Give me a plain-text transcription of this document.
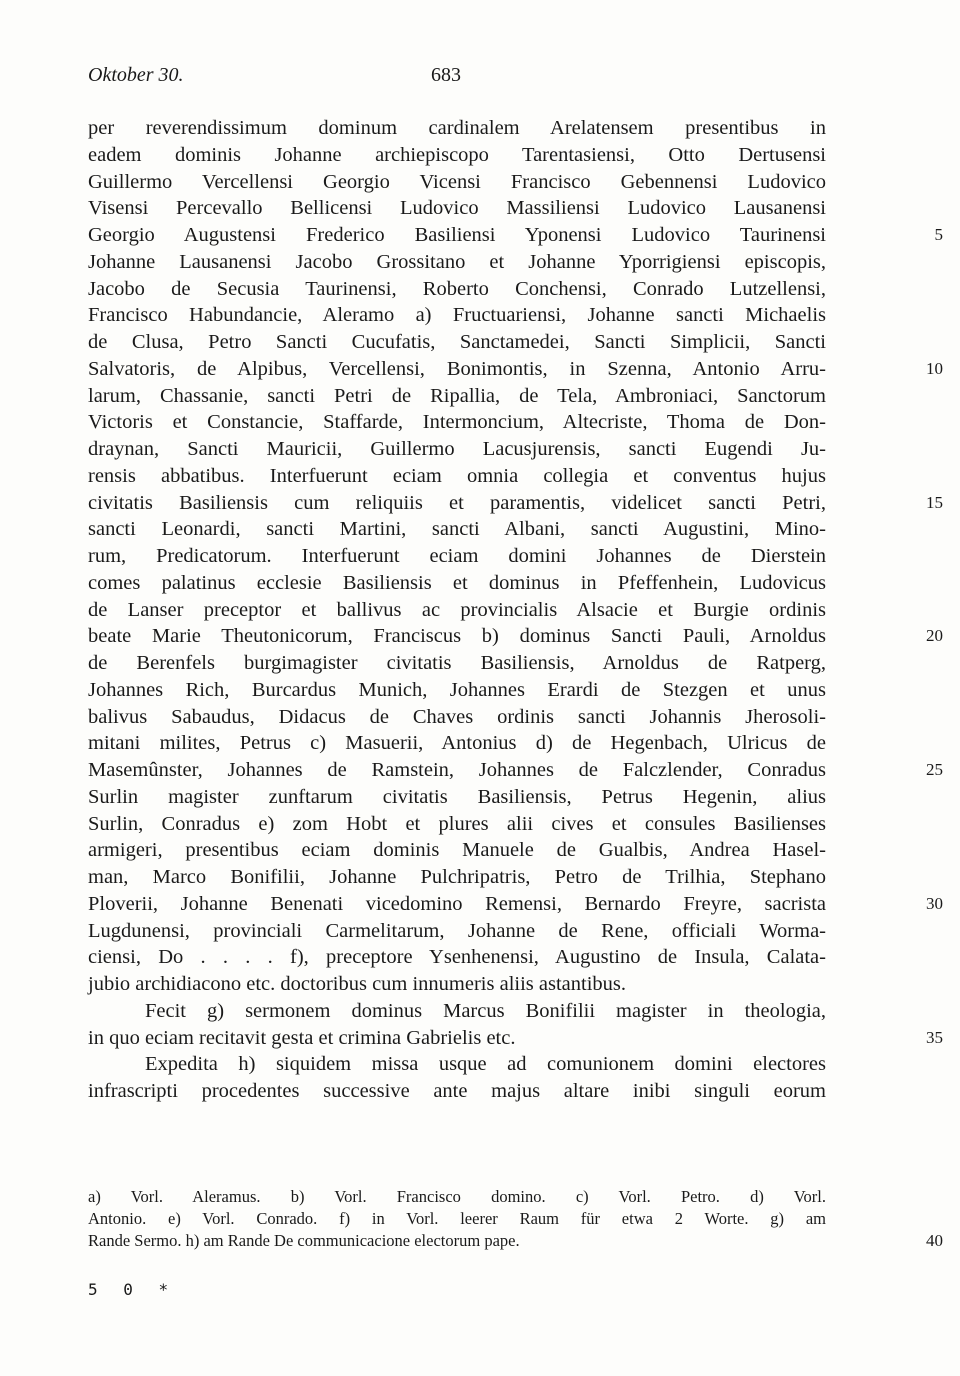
Oktober 30.	683
per reverendissimum dominum cardinalem Arelatensem presentibus in
eadem dominis Johanne archiepiscopo Tarentasiensi, Otto Dertusensi
Guillermo Vercellensi Georgio Vicensi Francisco Gebennensi Ludovico
Visensi Percevallo Bellicensi Ludovico Massiliensi Ludovico Lausanensi
Georgio Augustensi Frederico Basiliensi Yponensi Ludovico Taurinensi	5
Johanne Lausanensi Jacobo Grossitano et Johanne Yporrigiensi episcopis,
Jacobo de Secusia Taurinensi, Roberto Conchensi, Conrado Lutzellensi,
Francisco Habundancie, Aleramo a) Fructuariensi, Johanne sancti Michaelis
de Clusa, Petro Sancti Cucufatis, Sanctamedei, Sancti Simplicii, Sancti
Salvatoris, de Alpibus, Vercellensi, Bonimontis, in Szenna, Antonio Arru-	10
larum, Chassanie, sancti Petri de Ripallia, de Tela, Ambroniaci, Sanctorum
Victoris et Constancie, Staffarde, Intermoncium, Altecriste, Thoma de Don-
draynan, Sancti Mauricii, Guillermo Lacusjurensis, sancti Eugendi Ju-
rensis abbatibus. Interfuerunt eciam omnia collegia et conventus hujus
civitatis Basiliensis cum reliquiis et paramentis, videlicet sancti Petri,	15
sancti Leonardi, sancti Martini, sancti Albani, sancti Augustini, Mino-
rum, Predicatorum. Interfuerunt eciam domini Johannes de Dierstein
comes palatinus ecclesie Basiliensis et dominus in Pfeffenhein, Ludovicus
de Lanser preceptor et ballivus ac provincialis Alsacie et Burgie ordinis
beate Marie Theutonicorum, Franciscus b) dominus Sancti Pauli, Arnoldus	20
de Berenfels burgimagister civitatis Basiliensis, Arnoldus de Ratperg,
Johannes Rich, Burcardus Munich, Johannes Erardi de Stezgen et unus
balivus Sabaudus, Didacus de Chaves ordinis sancti Johannis Jherosoli-
mitani milites, Petrus c) Masuerii, Antonius d) de Hegenbach, Ulricus de
Masemûnster, Johannes de Ramstein, Johannes de Falczlender, Conradus	25
Surlin magister zunftarum civitatis Basiliensis, Petrus Hegenin, alius
Surlin, Conradus e) zom Hobt et plures alii cives et consules Basilienses
armigeri, presentibus eciam dominis Manuele de Gualbis, Andrea Hasel-
man, Marco Bonifilii, Johanne Pulchripatris, Petro de Trilhia, Stephano
Ploverii, Johanne Benenati vicedomino Remensi, Bernardo Freyre, sacrista	30
Lugdunensi, provinciali Carmelitarum, Johanne de Rene, officiali Worma-
ciensi, Do . . . . f), preceptore Ysenhenensi, Augustino de Insula, Calata-
jubio archidiacono etc. doctoribus cum innumeris aliis astantibus.
Fecit g) sermonem dominus Marcus Bonifilii magister in theologia,
in quo eciam recitavit gesta et crimina Gabrielis etc.	35
Expedita h) siquidem missa usque ad comunionem domini electores
infrascripti procedentes successive ante majus altare inibi singuli eorum
a) Vorl. Aleramus. b) Vorl. Francisco domino. c) Vorl. Petro. d) Vorl.
Antonio. e) Vorl. Conrado. f) in Vorl. leerer Raum für etwa 2 Worte. g) am
Rande Sermo. h) am Rande De communicacione electorum pape.	40
5 0 *
